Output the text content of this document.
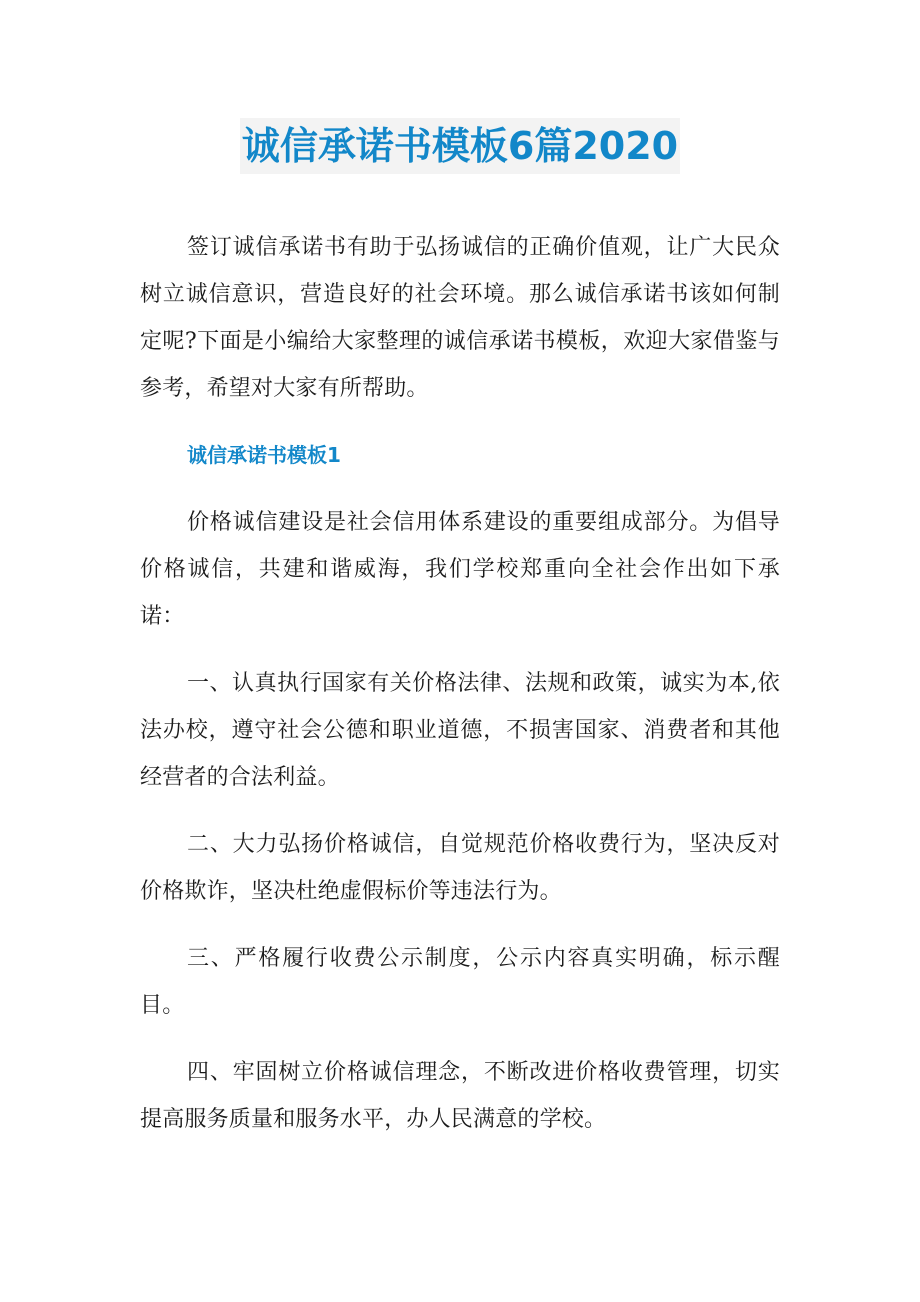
诚信承诺书模板6篇2020

签订诚信承诺书有助于弘扬诚信的正确价值观，让广大民众树立诚信意识，营造良好的社会环境。那么诚信承诺书该如何制定呢?下面是小编给大家整理的诚信承诺书模板，欢迎大家借鉴与参考，希望对大家有所帮助。

诚信承诺书模板1

价格诚信建设是社会信用体系建设的重要组成部分。为倡导价格诚信，共建和谐威海，我们学校郑重向全社会作出如下承诺：

一、认真执行国家有关价格法律、法规和政策，诚实为本,依法办校，遵守社会公德和职业道德，不损害国家、消费者和其他经营者的合法利益。

二、大力弘扬价格诚信，自觉规范价格收费行为，坚决反对价格欺诈，坚决杜绝虚假标价等违法行为。

三、严格履行收费公示制度，公示内容真实明确，标示醒目。

四、牢固树立价格诚信理念，不断改进价格收费管理，切实提高服务质量和服务水平，办人民满意的学校。
